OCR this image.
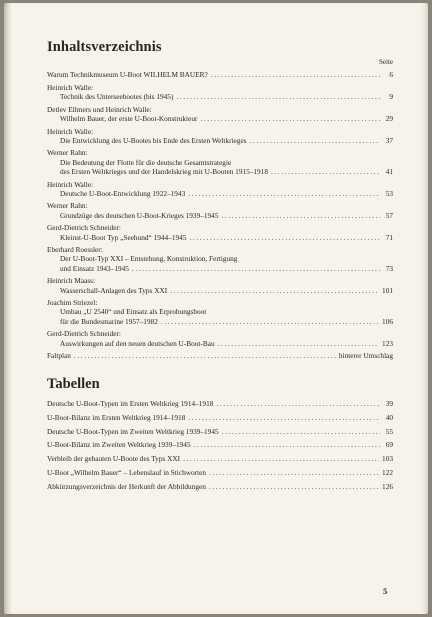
Inhaltsverzeichnis
Seite
Warum Technikmuseum U-Boot WILHELM BAUER? .....	6
Heinrich Walle:
Technik des Unterseebootes (bis 1945) .....	9
Detlev Ellmers und Heinrich Walle:
Wilhelm Bauer, der erste U-Boot-Konstrukteur .....	29
Heinrich Walle:
Die Entwicklung des U-Bootes bis Ende des Ersten Weltkrieges .....	37
Werner Rahn:
Die Bedeutung der Flotte für die deutsche Gesamtstrategie
des Ersten Weltkrieges und der Handelskrieg mit U-Booten 1915–1918 .....	41
Heinrich Walle:
Deutsche U-Boot-Entwicklung 1922–1943 .....	53
Werner Rahn:
Grundzüge des deutschen U-Boot-Krieges 1939–1945 .....	57
Gerd-Dietrich Schneider:
Kleinst-U-Boot Typ „Seehund“ 1944–1945 .....	71
Eberhard Roessler:
Der U-Boot-Typ XXI – Entstehung, Konstruktion, Fertigung
und Einsatz 1943–1945 .....	73
Heinrich Maass:
Wasserschall-Anlagen des Typs XXI .....	101
Joachim Striezel:
Umbau „U 2540“ und Einsatz als Erprobungsboot
für die Bundesmarine 1957–1982 .....	106
Gerd-Dietrich Schneider:
Auswirkungen auf den neuen deutschen U-Boot-Bau .....	123
Faltplan .....	hinterer Umschlag
Tabellen
Deutsche U-Boot-Typen im Ersten Weltkrieg 1914–1918 .....	39
U-Boot-Bilanz im Ersten Weltkrieg 1914–1918 .....	40
Deutsche U-Boot-Typen im Zweiten Weltkrieg 1939–1945 .....	55
U-Boot-Bilanz im Zweiten Weltkrieg 1939–1945 .....	69
Verbleib der gebauten U-Boote des Typs XXI .....	103
U-Boot „Wilhelm Bauer“ – Lebenslauf in Stichworten .....	122
Abkürzungsverzeichnis der Herkunft der Abbildungen .....	126
5
